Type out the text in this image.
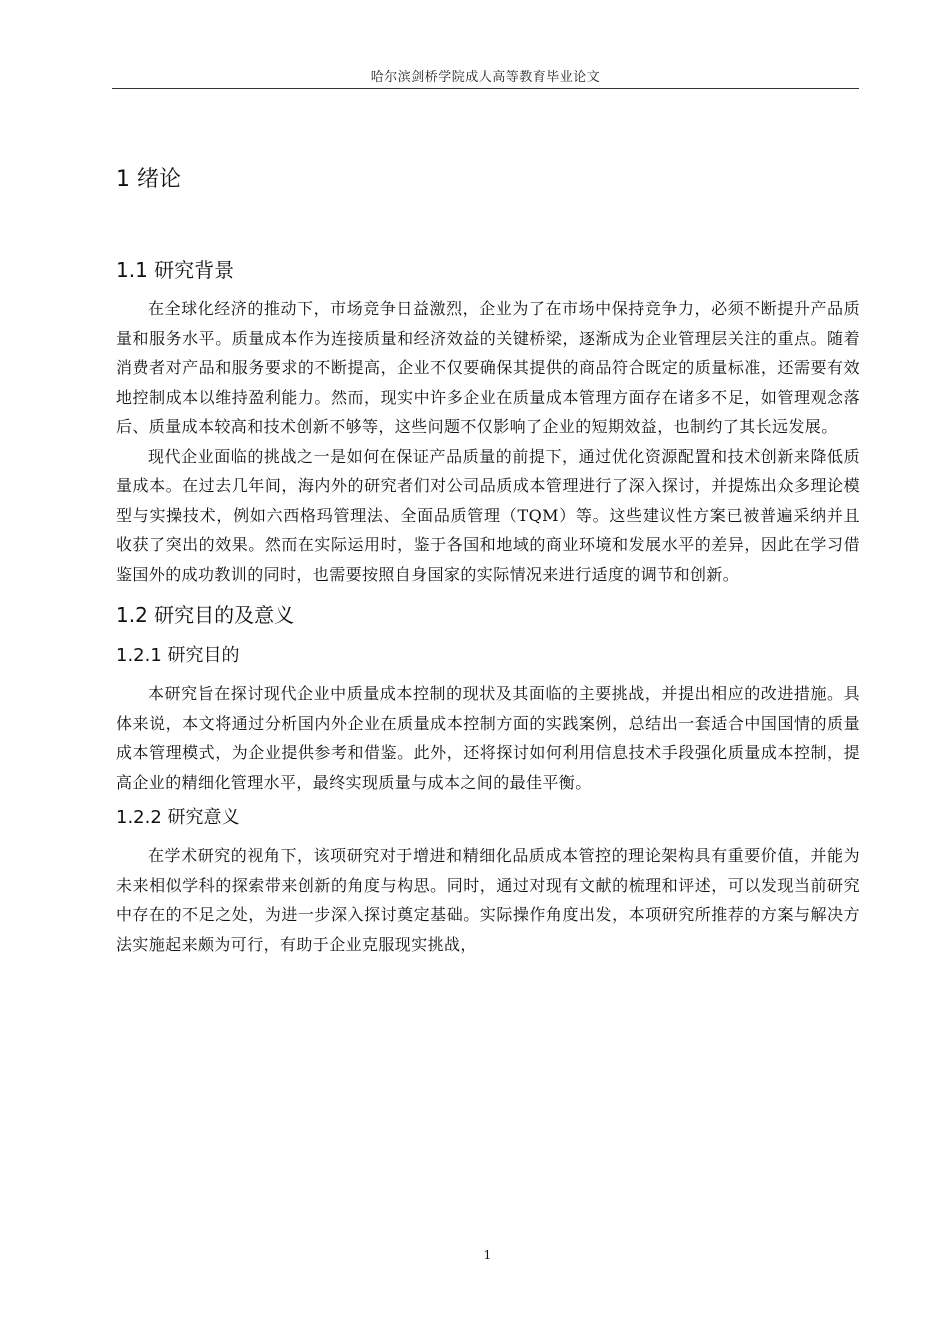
哈尔滨剑桥学院成人高等教育毕业论文
1 绪论
1.1 研究背景

在全球化经济的推动下，市场竞争日益激烈，企业为了在市场中保持竞争力，必须不断提升产品质量和服务水平。质量成本作为连接质量和经济效益的关键桥梁，逐渐成为企业管理层关注的重点。随着消费者对产品和服务要求的不断提高，企业不仅要确保其提供的商品符合既定的质量标准，还需要有效地控制成本以维持盈利能力。然而，现实中许多企业在质量成本管理方面存在诸多不足，如管理观念落后、质量成本较高和技术创新不够等，这些问题不仅影响了企业的短期效益，也制约了其长远发展。

现代企业面临的挑战之一是如何在保证产品质量的前提下，通过优化资源配置和技术创新来降低质量成本。在过去几年间，海内外的研究者们对公司品质成本管理进行了深入探讨，并提炼出众多理论模型与实操技术，例如六西格玛管理法、全面品质管理（TQM）等。这些建议性方案已被普遍采纳并且收获了突出的效果。然而在实际运用时，鉴于各国和地域的商业环境和发展水平的差异，因此在学习借鉴国外的成功教训的同时，也需要按照自身国家的实际情况来进行适度的调节和创新。

1.2 研究目的及意义
1.2.1 研究目的

本研究旨在探讨现代企业中质量成本控制的现状及其面临的主要挑战，并提出相应的改进措施。具体来说，本文将通过分析国内外企业在质量成本控制方面的实践案例，总结出一套适合中国国情的质量成本管理模式，为企业提供参考和借鉴。此外，还将探讨如何利用信息技术手段强化质量成本控制，提高企业的精细化管理水平，最终实现质量与成本之间的最佳平衡。

1.2.2 研究意义

在学术研究的视角下，该项研究对于增进和精细化品质成本管控的理论架构具有重要价值，并能为未来相似学科的探索带来创新的角度与构思。同时，通过对现有文献的梳理和评述，可以发现当前研究中存在的不足之处，为进一步深入探讨奠定基础。实际操作角度出发，本项研究所推荐的方案与解决方法实施起来颇为可行，有助于企业克服现实挑战，

1
